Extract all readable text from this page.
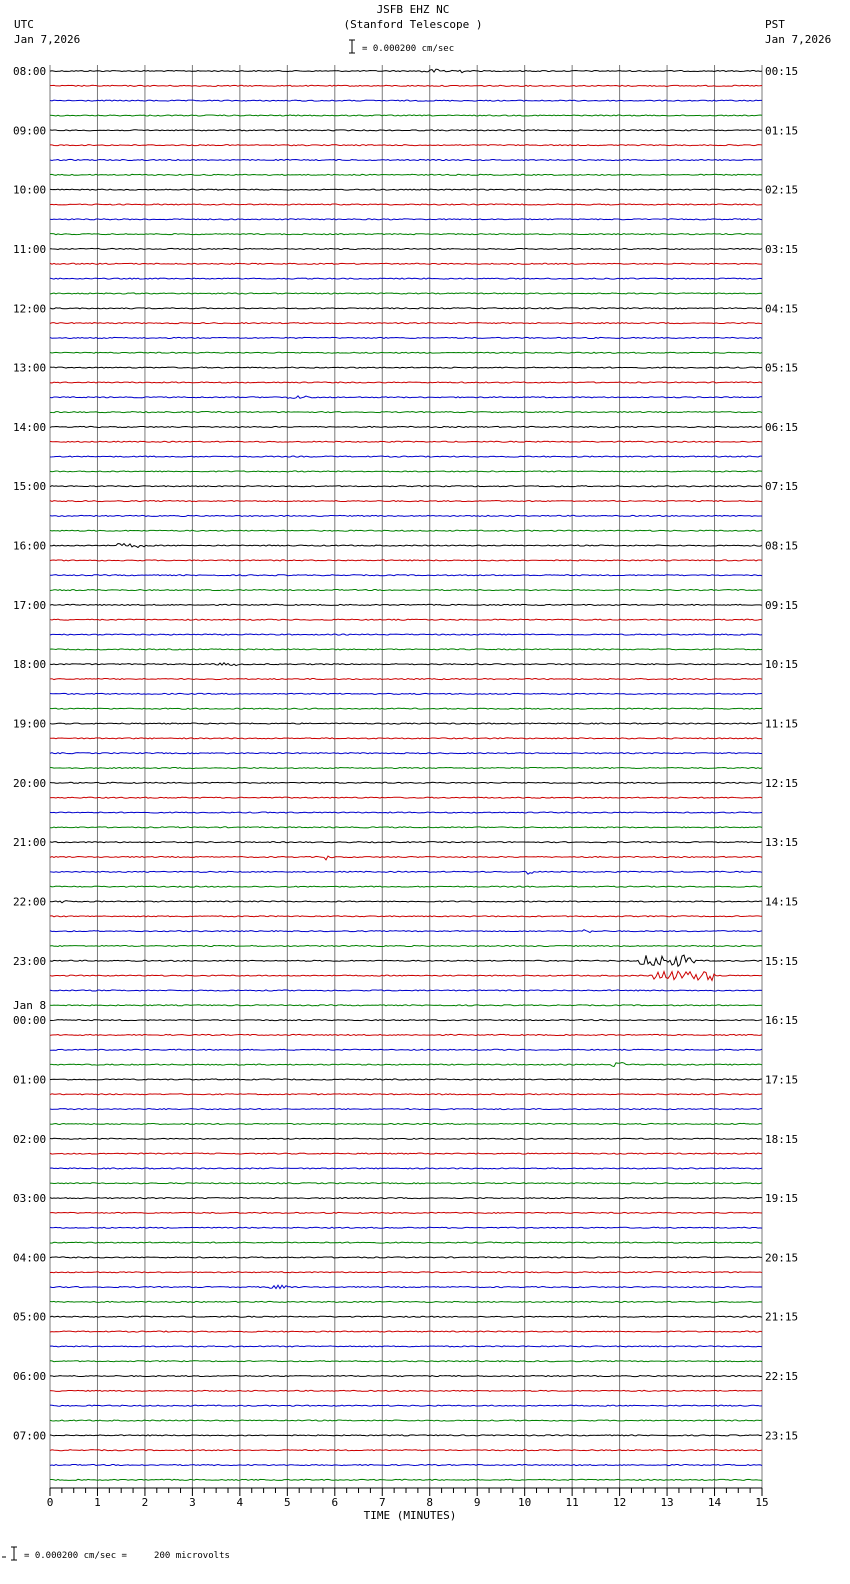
JSFB EHZ NC
(Stanford Telescope )
= 0.000200 cm/sec
UTC
Jan 7,2026
PST
Jan 7,2026
0	1	2	3	4	5	6	7	8	9	10	11	12	13	14	15
TIME (MINUTES)
08:00
09:00
10:00
11:00
12:00
13:00
14:00
15:00
16:00
17:00
18:00
19:00
20:00
21:00
22:00
23:00
00:00
Jan 8
01:00
02:00
03:00
04:00
05:00
06:00
07:00
00:15
01:15
02:15
03:15
04:15
05:15
06:15
07:15
08:15
09:15
10:15
11:15
12:15
13:15
14:15
15:15
16:15
17:15
18:15
19:15
20:15
21:15
22:15
23:15
= 0.000200 cm/sec =     200 microvolts
